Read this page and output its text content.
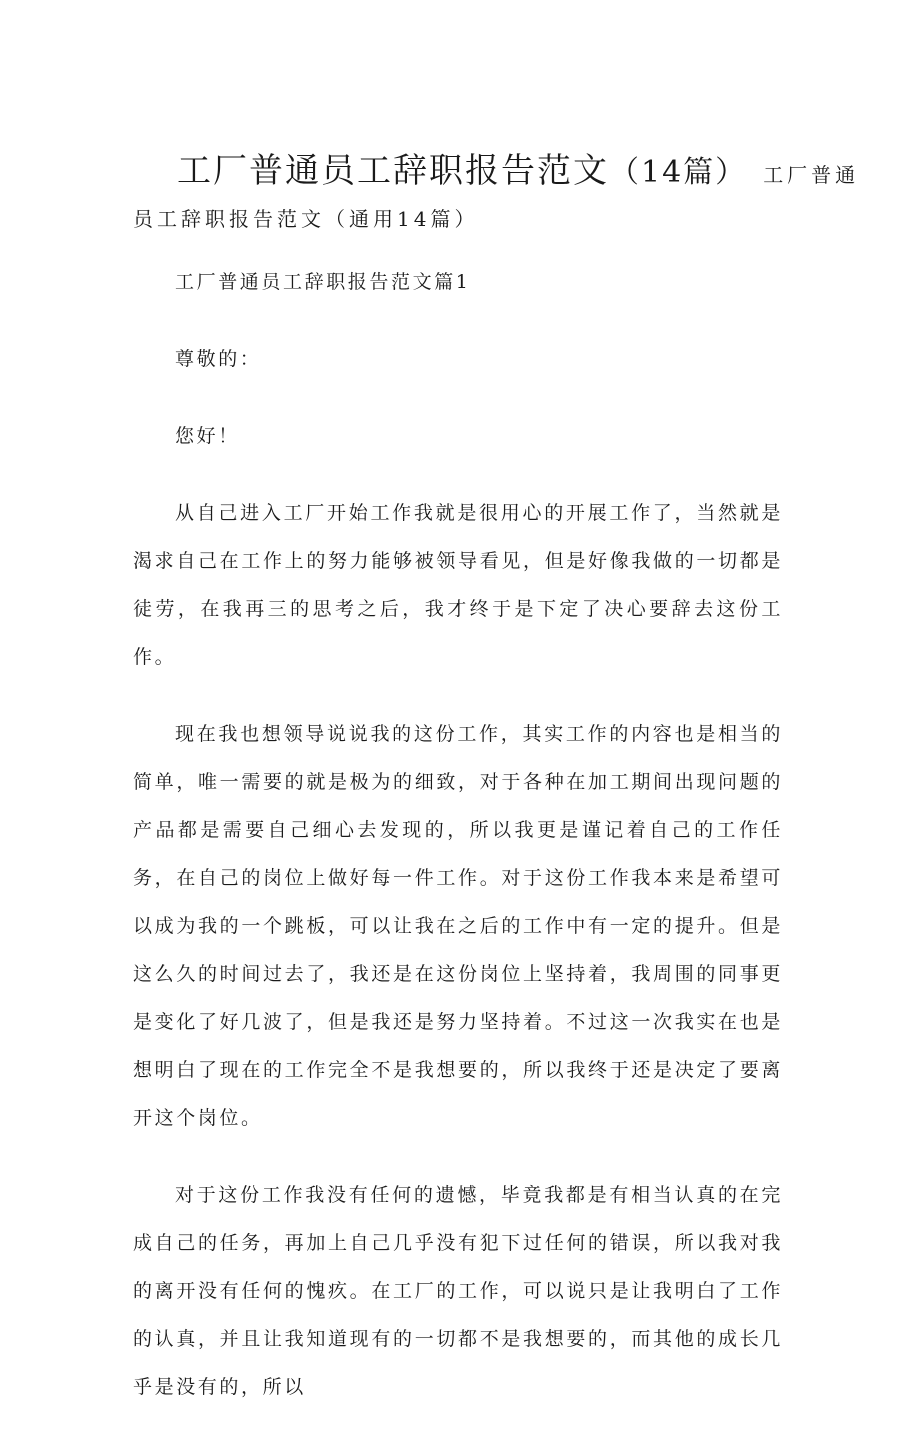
工厂普通员工辞职报告范文（14篇） 工厂普通
员工辞职报告范文（通用14篇）

工厂普通员工辞职报告范文篇1

尊敬的：

您好！

从自己进入工厂开始工作我就是很用心的开展工作了，当然就是渴求自己在工作上的努力能够被领导看见，但是好像我做的一切都是徒劳，在我再三的思考之后，我才终于是下定了决心要辞去这份工作。

现在我也想领导说说我的这份工作，其实工作的内容也是相当的简单，唯一需要的就是极为的细致，对于各种在加工期间出现问题的产品都是需要自己细心去发现的，所以我更是谨记着自己的工作任务，在自己的岗位上做好每一件工作。对于这份工作我本来是希望可以成为我的一个跳板，可以让我在之后的工作中有一定的提升。但是这么久的时间过去了，我还是在这份岗位上坚持着，我周围的同事更是变化了好几波了，但是我还是努力坚持着。不过这一次我实在也是想明白了现在的工作完全不是我想要的，所以我终于还是决定了要离开这个岗位。

对于这份工作我没有任何的遗憾，毕竟我都是有相当认真的在完成自己的任务，再加上自己几乎没有犯下过任何的错误，所以我对我的离开没有任何的愧疚。在工厂的工作，可以说只是让我明白了工作的认真，并且让我知道现有的一切都不是我想要的，而其他的成长几乎是没有的，所以
